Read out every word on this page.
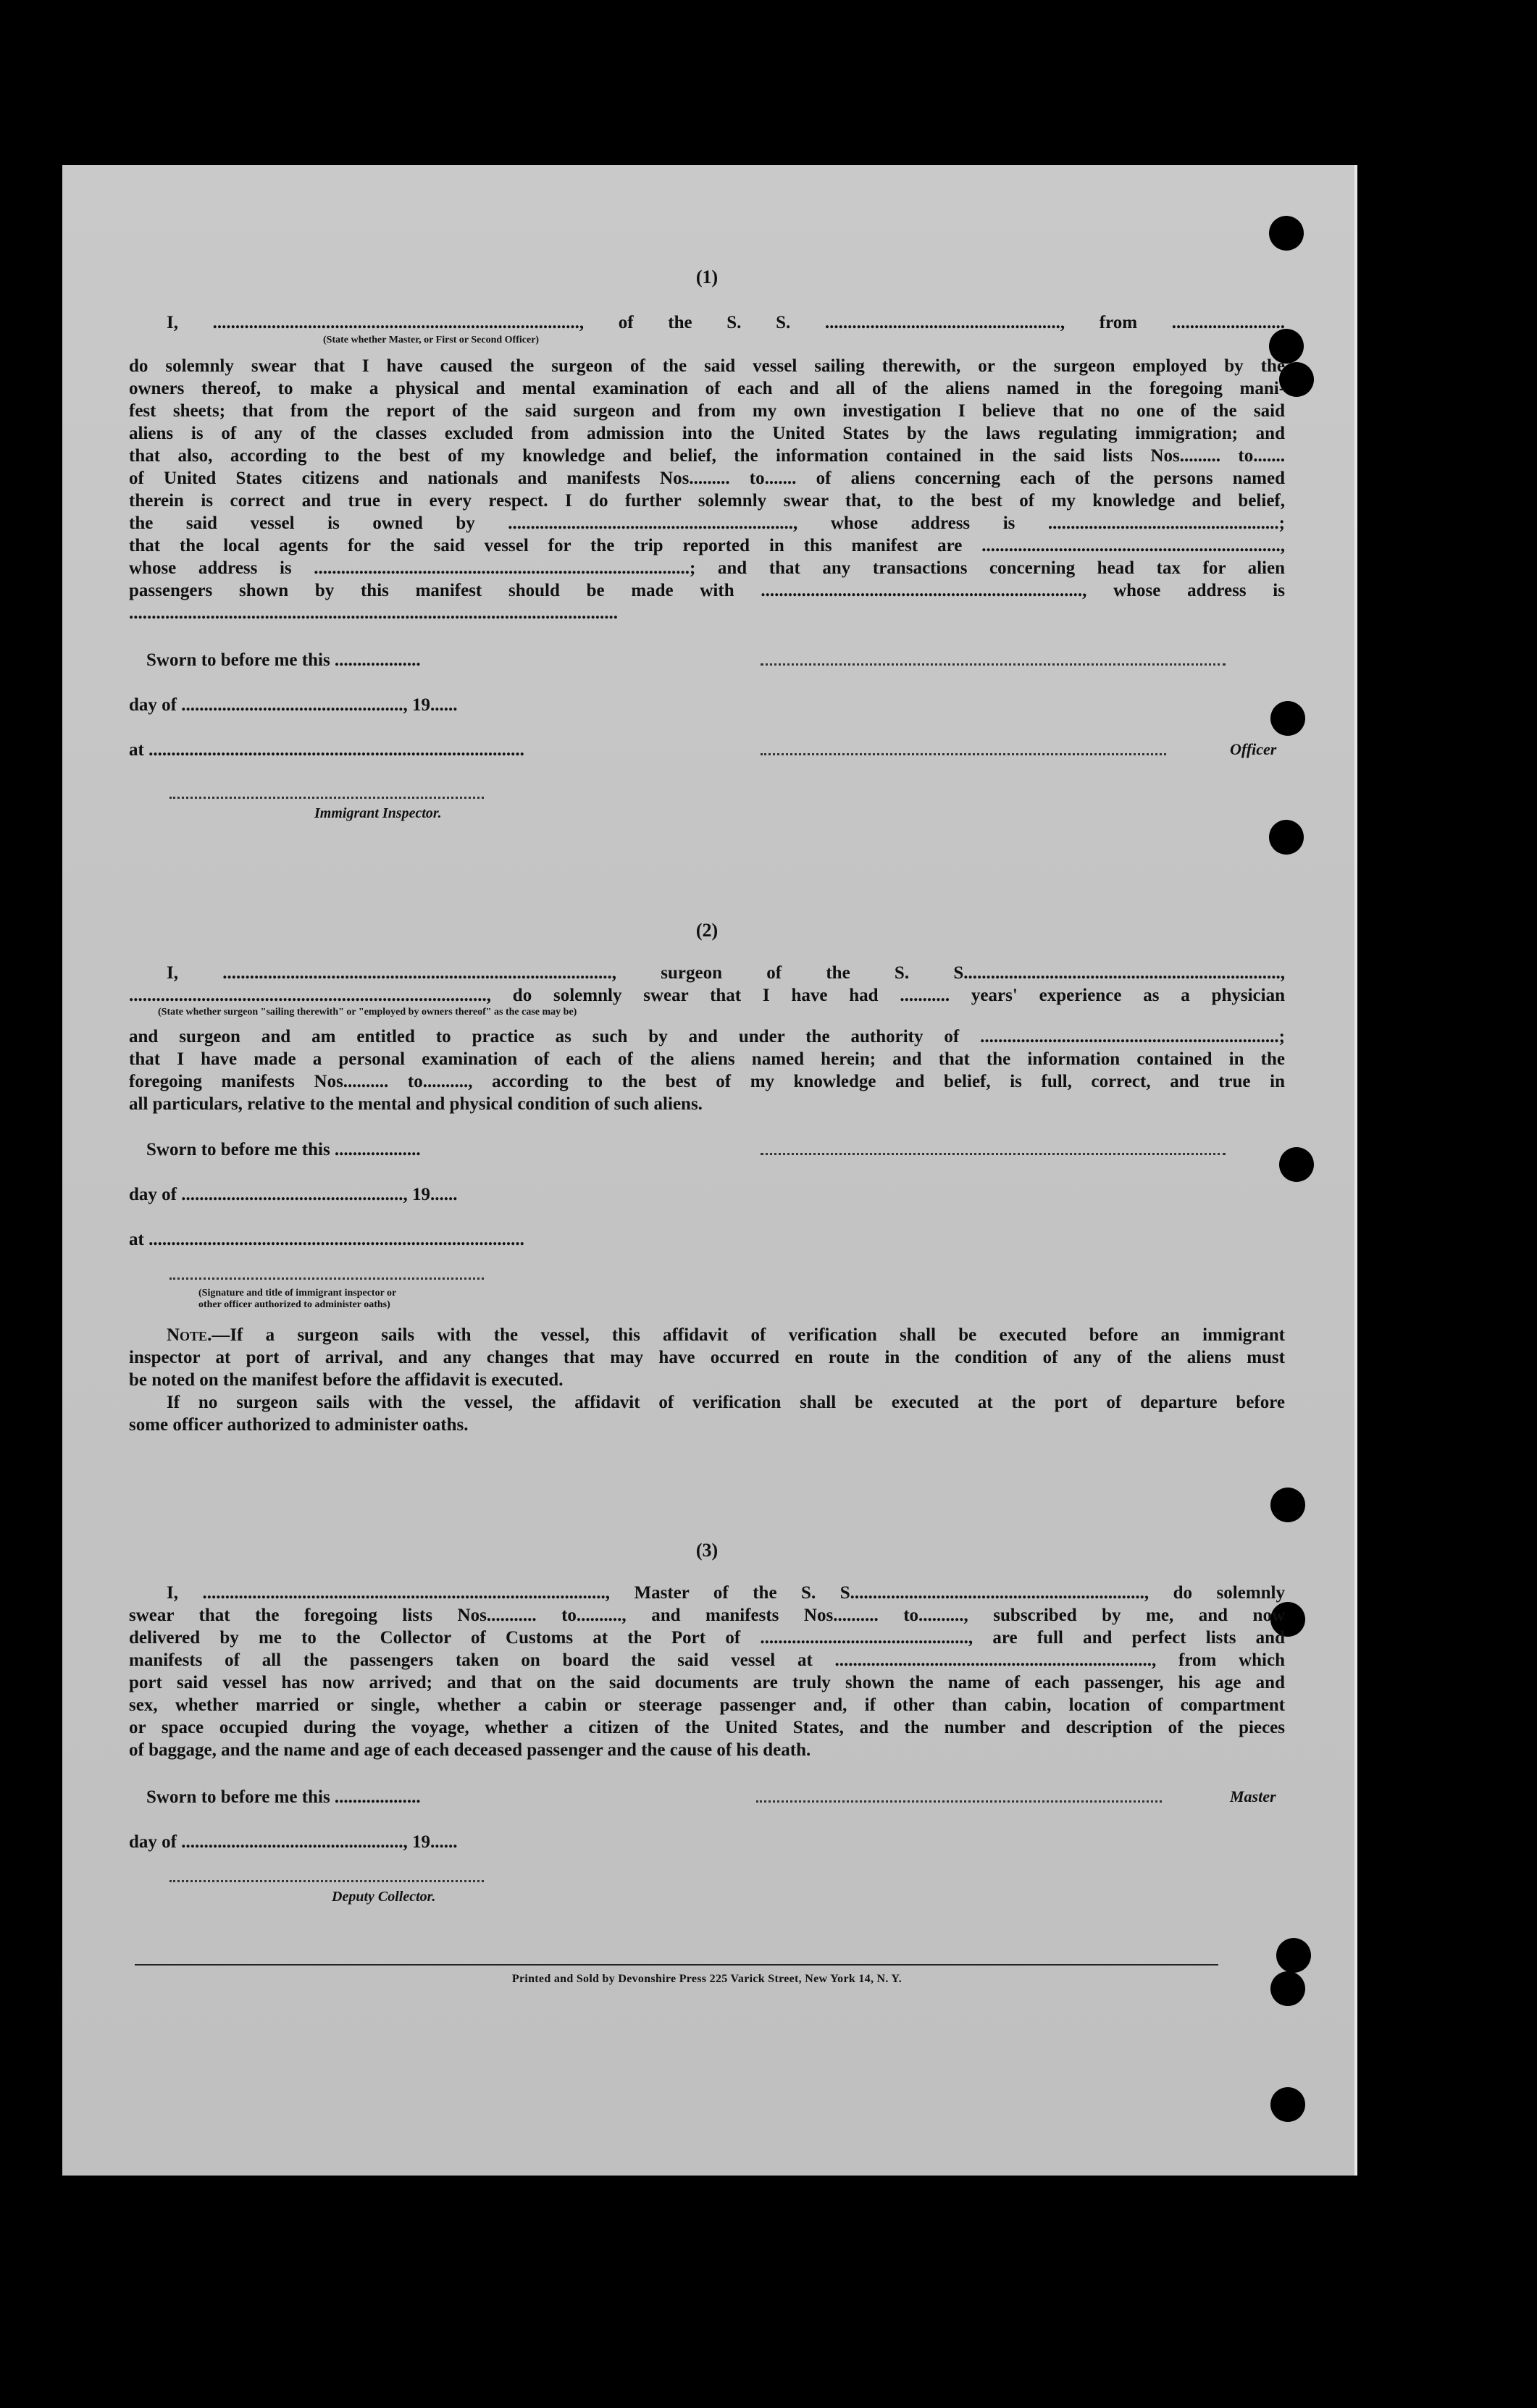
(1)
I, ................................................................................., of the S. S. ...................................................., from .........................
(State whether Master, or First or Second Officer)
do solemnly swear that I have caused the surgeon of the said vessel sailing therewith, or the surgeon employed by the
owners thereof, to make a physical and mental examination of each and all of the aliens named in the foregoing mani-
fest sheets; that from the report of the said surgeon and from my own investigation I believe that no one of the said
aliens is of any of the classes excluded from admission into the United States by the laws regulating immigration; and
that also, according to the best of my knowledge and belief, the information contained in the said lists Nos......... to.......
of United States citizens and nationals and manifests Nos......... to....... of aliens concerning each of the persons named
therein is correct and true in every respect. I do further solemnly swear that, to the best of my knowledge and belief,
the said vessel is owned by ..............................................................., whose address is ...................................................;
that the local agents for the said vessel for the trip reported in this manifest are ..................................................................,
whose address is ...................................................................................; and that any transactions concerning head tax for alien
passengers shown by this manifest should be made with ......................................................................., whose address is
............................................................................................................
Sworn to before me this ...................
day of ................................................., 19......
at ...................................................................................	Officer
Immigrant Inspector.
(2)
I, ......................................................................................, surgeon of the S. S......................................................................,
..............................................................................., do solemnly swear that I have had ........... years' experience as a physician
(State whether surgeon "sailing therewith" or "employed by owners thereof" as the case may be)
and surgeon and am entitled to practice as such by and under the authority of ..................................................................;
that I have made a personal examination of each of the aliens named herein; and that the information contained in the
foregoing manifests Nos.......... to.........., according to the best of my knowledge and belief, is full, correct, and true in
all particulars, relative to the mental and physical condition of such aliens.
Sworn to before me this ...................
day of ................................................., 19......
at ...................................................................................
(Signature and title of immigrant inspector or
other officer authorized to administer oaths)
Note.—If a surgeon sails with the vessel, this affidavit of verification shall be executed before an immigrant
inspector at port of arrival, and any changes that may have occurred en route in the condition of any of the aliens must
be noted on the manifest before the affidavit is executed.
If no surgeon sails with the vessel, the affidavit of verification shall be executed at the port of departure before
some officer authorized to administer oaths.
(3)
I, ........................................................................................., Master of the S. S................................................................., do solemnly
swear that the foregoing lists Nos........... to.........., and manifests Nos.......... to.........., subscribed by me, and now
delivered by me to the Collector of Customs at the Port of .............................................., are full and perfect lists and
manifests of all the passengers taken on board the said vessel at ......................................................................, from which
port said vessel has now arrived; and that on the said documents are truly shown the name of each passenger, his age and
sex, whether married or single, whether a cabin or steerage passenger and, if other than cabin, location of compartment
or space occupied during the voyage, whether a citizen of the United States, and the number and description of the pieces
of baggage, and the name and age of each deceased passenger and the cause of his death.
Sworn to before me this ...................	Master
day of ................................................., 19......
Deputy Collector.
Printed and Sold by Devonshire Press 225 Varick Street, New York 14, N. Y.
